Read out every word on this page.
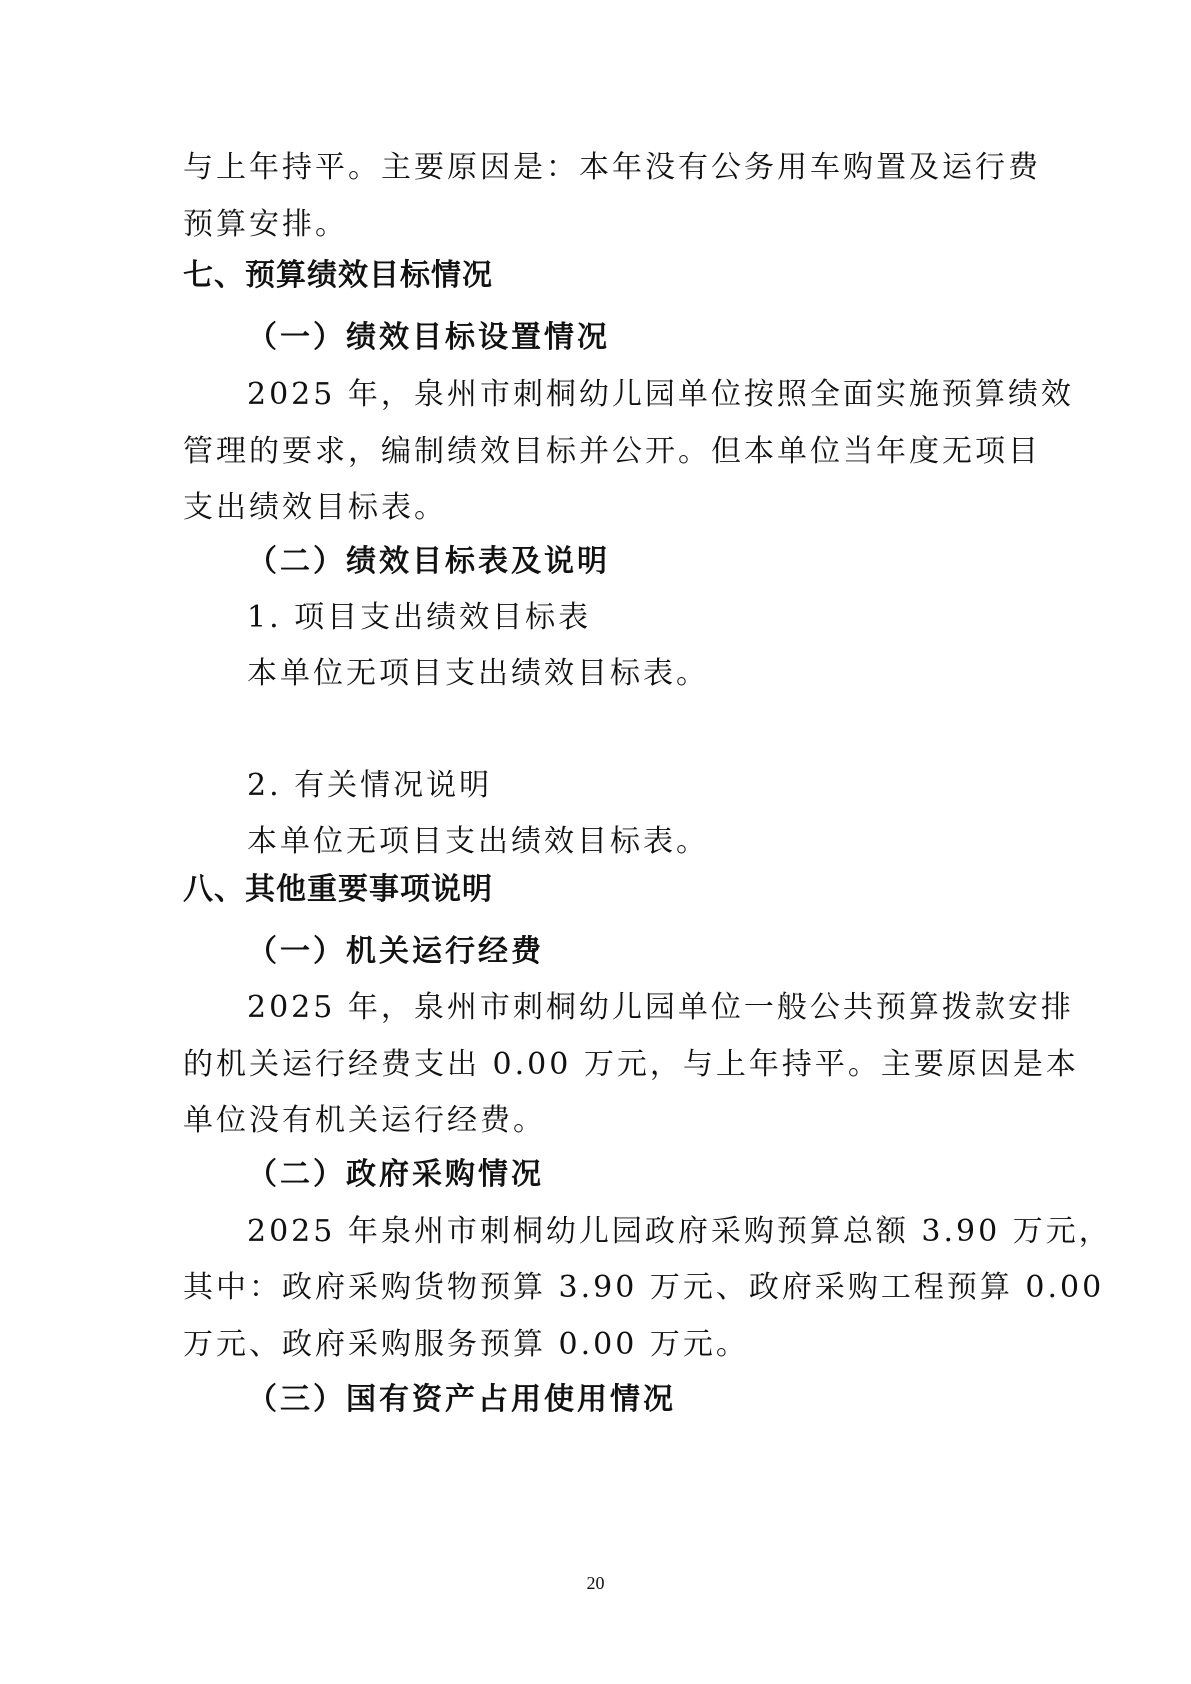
与上年持平。主要原因是：本年没有公务用车购置及运行费
预算安排。
七、预算绩效目标情况
（一）绩效目标设置情况
2025 年，泉州市刺桐幼儿园单位按照全面实施预算绩效
管理的要求，编制绩效目标并公开。但本单位当年度无项目
支出绩效目标表。
（二）绩效目标表及说明
1. 项目支出绩效目标表
本单位无项目支出绩效目标表。
2. 有关情况说明
本单位无项目支出绩效目标表。
八、其他重要事项说明
（一）机关运行经费
2025 年，泉州市刺桐幼儿园单位一般公共预算拨款安排
的机关运行经费支出 0.00 万元，与上年持平。主要原因是本
单位没有机关运行经费。
（二）政府采购情况
2025 年泉州市刺桐幼儿园政府采购预算总额 3.90 万元，
其中：政府采购货物预算 3.90 万元、政府采购工程预算 0.00
万元、政府采购服务预算 0.00 万元。
（三）国有资产占用使用情况
20
